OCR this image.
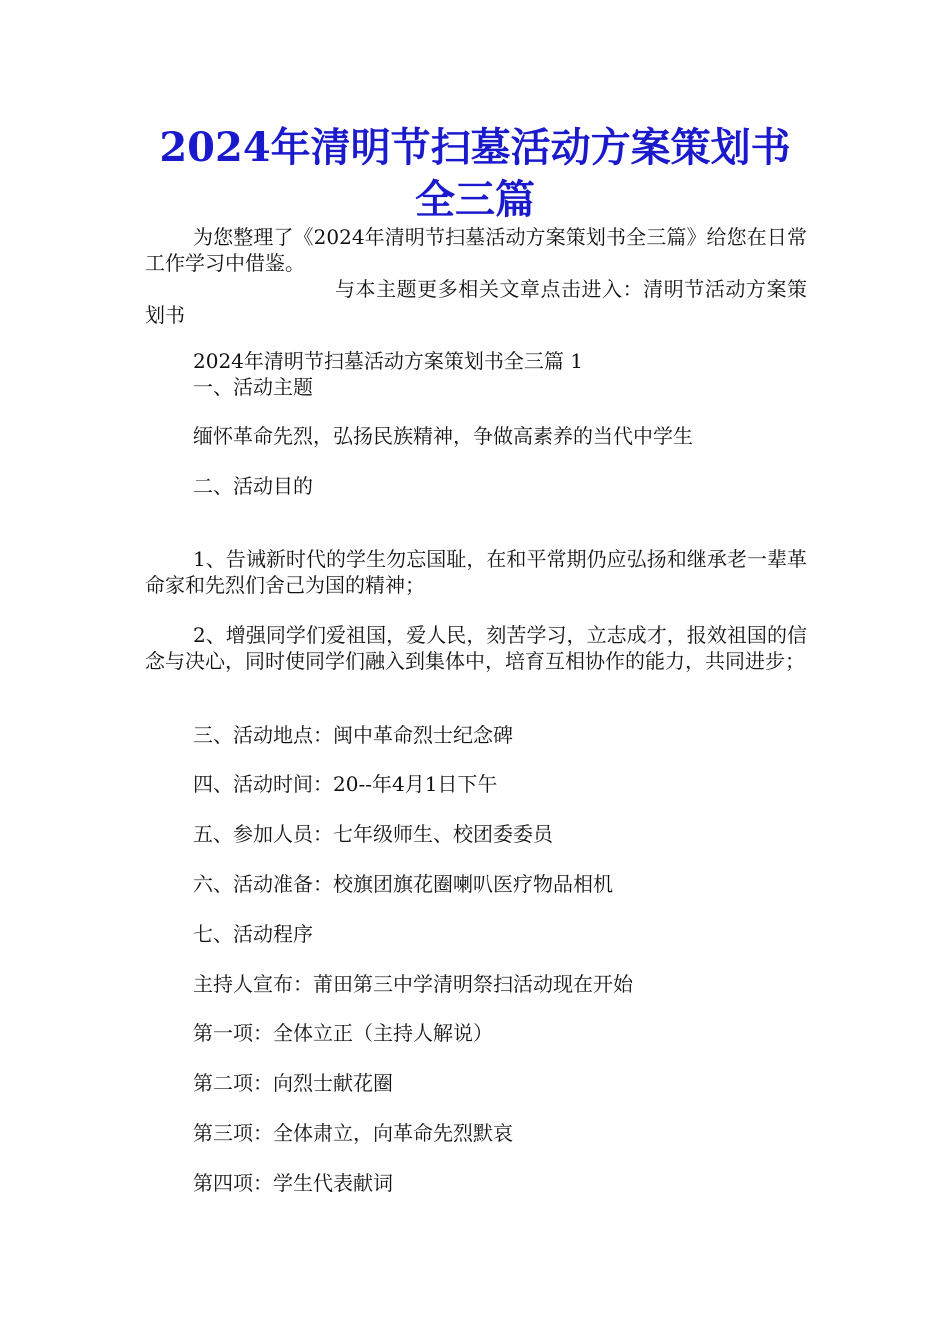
2024年清明节扫墓活动方案策划书
全三篇

为您整理了《2024年清明节扫墓活动方案策划书全三篇》给您在日常工作学习中借鉴。

与本主题更多相关文章点击进入：清明节活动方案策划书

2024年清明节扫墓活动方案策划书全三篇 1

一、活动主题

缅怀革命先烈，弘扬民族精神，争做高素养的当代中学生

二、活动目的

1、告诫新时代的学生勿忘国耻，在和平常期仍应弘扬和继承老一辈革命家和先烈们舍己为国的精神；

2、增强同学们爱祖国，爱人民，刻苦学习，立志成才，报效祖国的信念与决心，同时使同学们融入到集体中，培育互相协作的能力，共同进步；

三、活动地点：闽中革命烈士纪念碑

四、活动时间：20--年4月1日下午

五、参加人员：七年级师生、校团委委员

六、活动准备：校旗团旗花圈喇叭医疗物品相机

七、活动程序

主持人宣布：莆田第三中学清明祭扫活动现在开始

第一项：全体立正（主持人解说）

第二项：向烈士献花圈

第三项：全体肃立，向革命先烈默哀

第四项：学生代表献词
